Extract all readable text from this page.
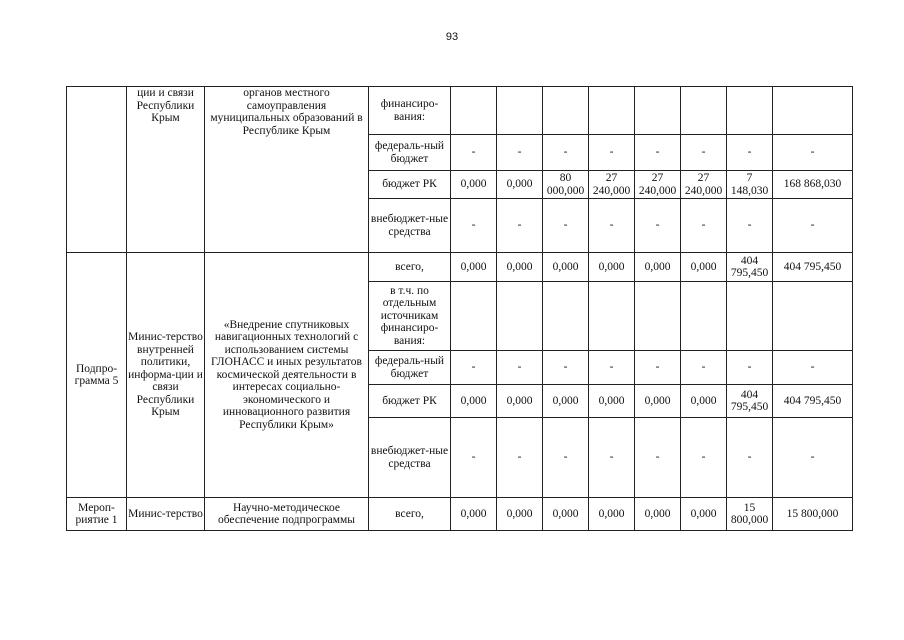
93
	ции и связи Республики Крым	органов местного самоуправления муниципальных образований в Республике Крым	финансиро-вания:								
			федераль-ный бюджет	-	-	-	-	-	-	-	-
			бюджет РК	0,000	0,000	80 000,000	27 240,000	27 240,000	27 240,000	7 148,030	168 868,030
			внебюджет-ные средства	-	-	-	-	-	-	-	-
Подпро-грамма 5	Минис-терство внутренней политики, информа-ции и связи Республики Крым	«Внедрение спутниковых навигационных технологий с использованием системы ГЛОНАСС и иных результатов космической деятельности в интересах социально-экономического и инновационного развития Республики Крым»	всего,	0,000	0,000	0,000	0,000	0,000	0,000	404 795,450	404 795,450
			в т.ч. по отдельным источникам финансиро-вания:								
			федераль-ный бюджет	-	-	-	-	-	-	-	-
			бюджет РК	0,000	0,000	0,000	0,000	0,000	0,000	404 795,450	404 795,450
			внебюджет-ные средства	-	-	-	-	-	-	-	-
Мероп-риятие 1	Минис-терство	Научно-методическое обеспечение подпрограммы	всего,	0,000	0,000	0,000	0,000	0,000	0,000	15 800,000	15 800,000
